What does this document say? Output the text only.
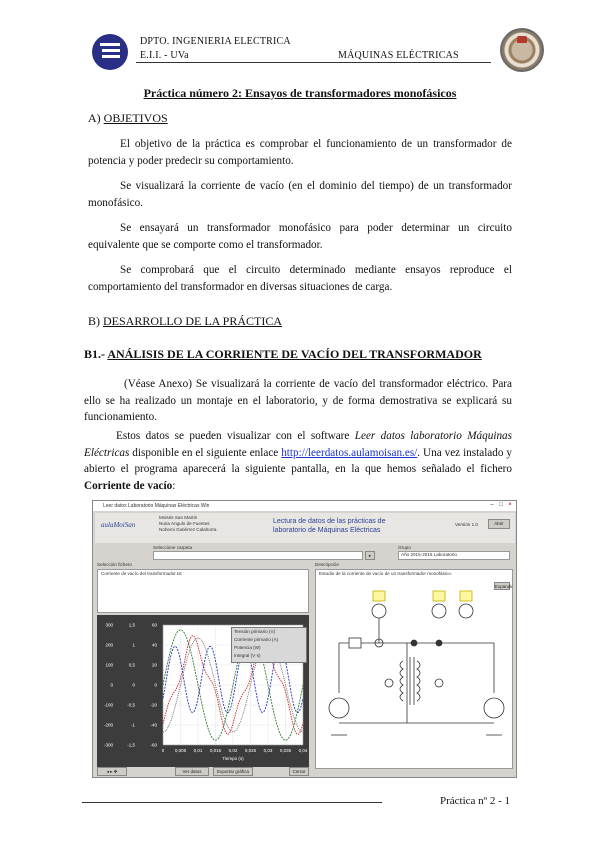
DPTO. INGENIERIA ELECTRICA
E.I.I. - UVa	MÁQUINAS ELÉCTRICAS
Práctica número 2: Ensayos de transformadores monofásicos
A) OBJETIVOS
El objetivo de la práctica es comprobar el funcionamiento de un transformador de potencia y poder predecir su comportamiento.
Se visualizará la corriente de vacío (en el dominio del tiempo) de un transformador monofásico.
Se ensayará un transformador monofásico para poder determinar un circuito equivalente que se comporte como el transformador.
Se comprobará que el circuito determinado mediante ensayos reproduce el comportamiento del transformador en diversas situaciones de carga.
B) DESARROLLO DE LA PRÁCTICA
B1.- ANÁLISIS DE LA CORRIENTE DE VACÍO DEL TRANSFORMADOR
(Véase Anexo) Se visualizará la corriente de vacío del transformador eléctrico. Para ello se ha realizado un montaje en el laboratorio, y de forma demostrativa se explicará su funcionamiento.
Estos datos se pueden visualizar con el software Leer datos laboratorio Máquinas Eléctricas disponible en el siguiente enlace http://leerdatos.aulamoisan.es/. Una vez instalado y abierto el programa aparecerá la siguiente pantalla, en la que hemos señalado el fichero Corriente de vacío:
Leer datos Laboratorio Máquinas Eléctricas Win	– □ ×
aulaMoiSan
Moisés San Martín
Nuria Angulo de Fuentes
Nohemi Gutiérrez Calahorra
Lectura de datos de las prácticas de
laboratorio de Máquinas Eléctricas
Versión 1.0	Abrir
Seleccione carpeta
▸
Grupo
Año 2015-2016 Laboratorio
Selección fichero
Corriente de vacío del transformador.txt
Descripción
Estudio de la corriente de vacío de un transformador monofásico.
Expandir
0 0,005 0,01 0,015 0,02 0,025 0,03 0,035 0,04
300	1,5	60
200	1	40
100	0,5	20
0	0	0
-100	-0,5	-20
-200	-1	-40
-300	-1,5	-60
Tiempo (s)
Tensión primario (V)
Corriente primario (A)
Potencia (W)
Integral (V·s)
◂ ▸ ✥	Ver datos	Exportar gráfica	Cerrar
Práctica nº 2 - 1
